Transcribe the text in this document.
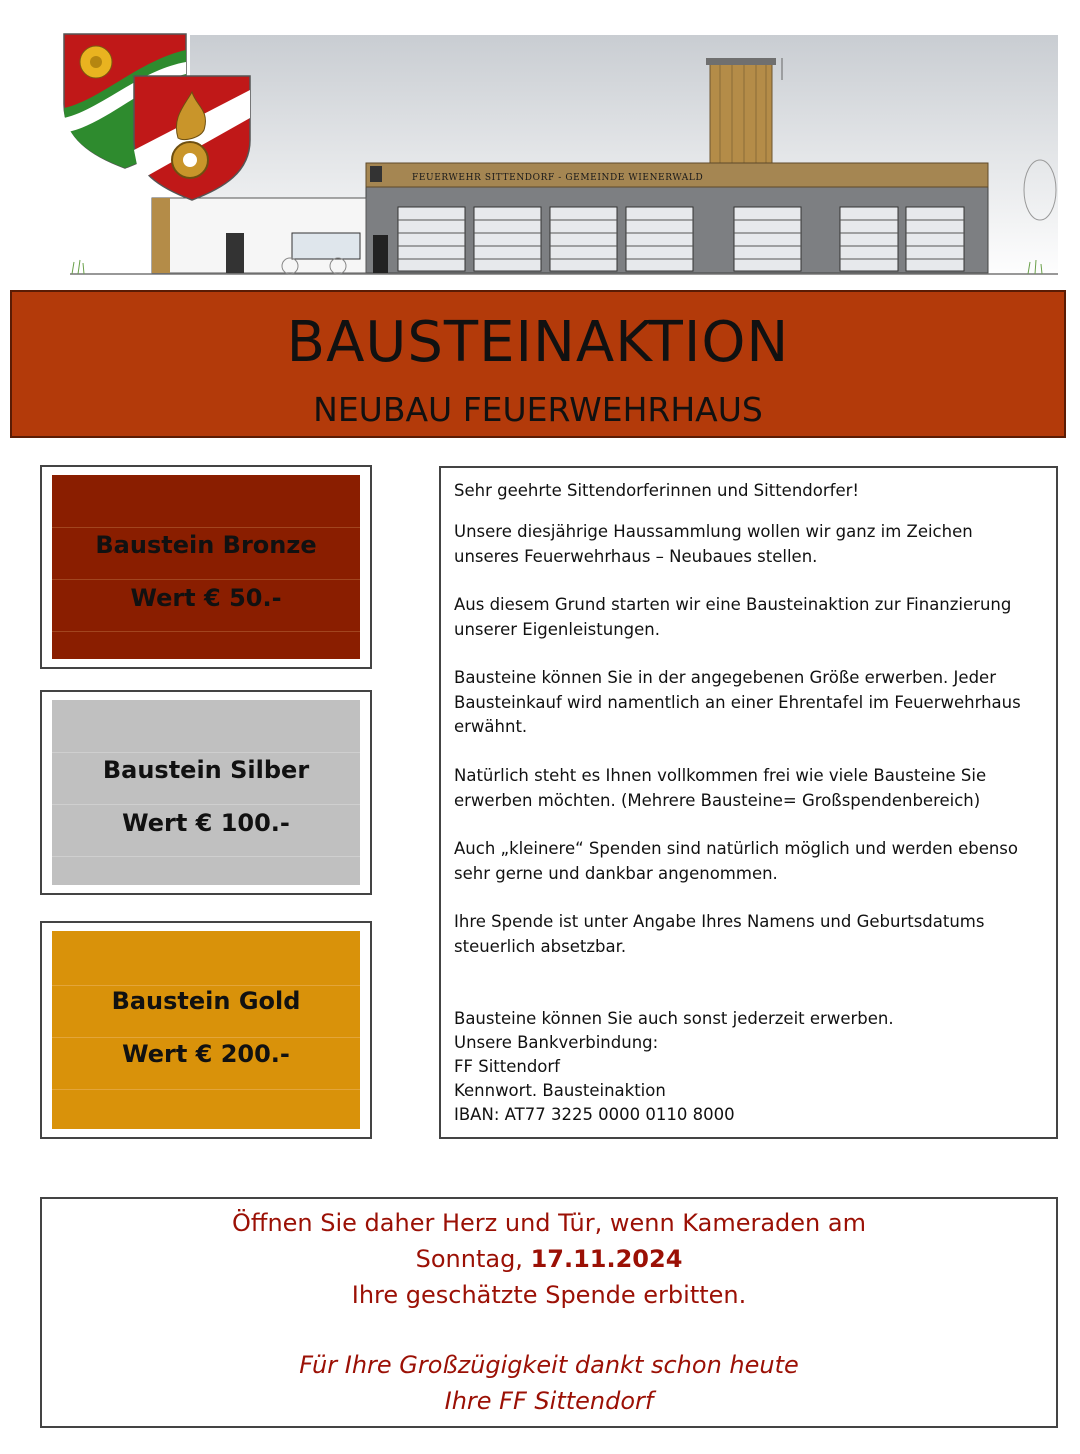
FEUERWEHR SITTENDORF - GEMEINDE WIENERWALD
BAUSTEINAKTION
NEUBAU FEUERWEHRHAUS
Baustein Bronze
Wert € 50.-
Baustein Silber
Wert € 100.-
Baustein Gold
Wert € 200.-

Sehr geehrte Sittendorferinnen und Sittendorfer!

Unsere diesjährige Haussammlung wollen wir ganz im Zeichen unseres Feuerwehrhaus – Neubaues stellen.

Aus diesem Grund starten wir eine Bausteinaktion zur Finanzierung unserer Eigenleistungen.

Bausteine können Sie in der angegebenen Größe erwerben. Jeder Bausteinkauf wird namentlich an einer Ehrentafel im Feuerwehrhaus erwähnt.

Natürlich steht es Ihnen vollkommen frei wie viele Bausteine Sie erwerben möchten. (Mehrere Bausteine= Großspendenbereich)

Auch „kleinere“ Spenden sind natürlich möglich und werden ebenso sehr gerne und dankbar angenommen.

Ihre Spende ist unter Angabe Ihres Namens und Geburtsdatums steuerlich absetzbar.

Bausteine können Sie auch sonst jederzeit erwerben.

Unsere Bankverbindung:

FF Sittendorf

Kennwort. Bausteinaktion

IBAN: AT77 3225 0000 0110 8000

Öffnen Sie daher Herz und Tür, wenn Kameraden am
Sonntag, 17.11.2024
Ihre geschätzte Spende erbitten.
Für Ihre Großzügigkeit dankt schon heute
Ihre FF Sittendorf
